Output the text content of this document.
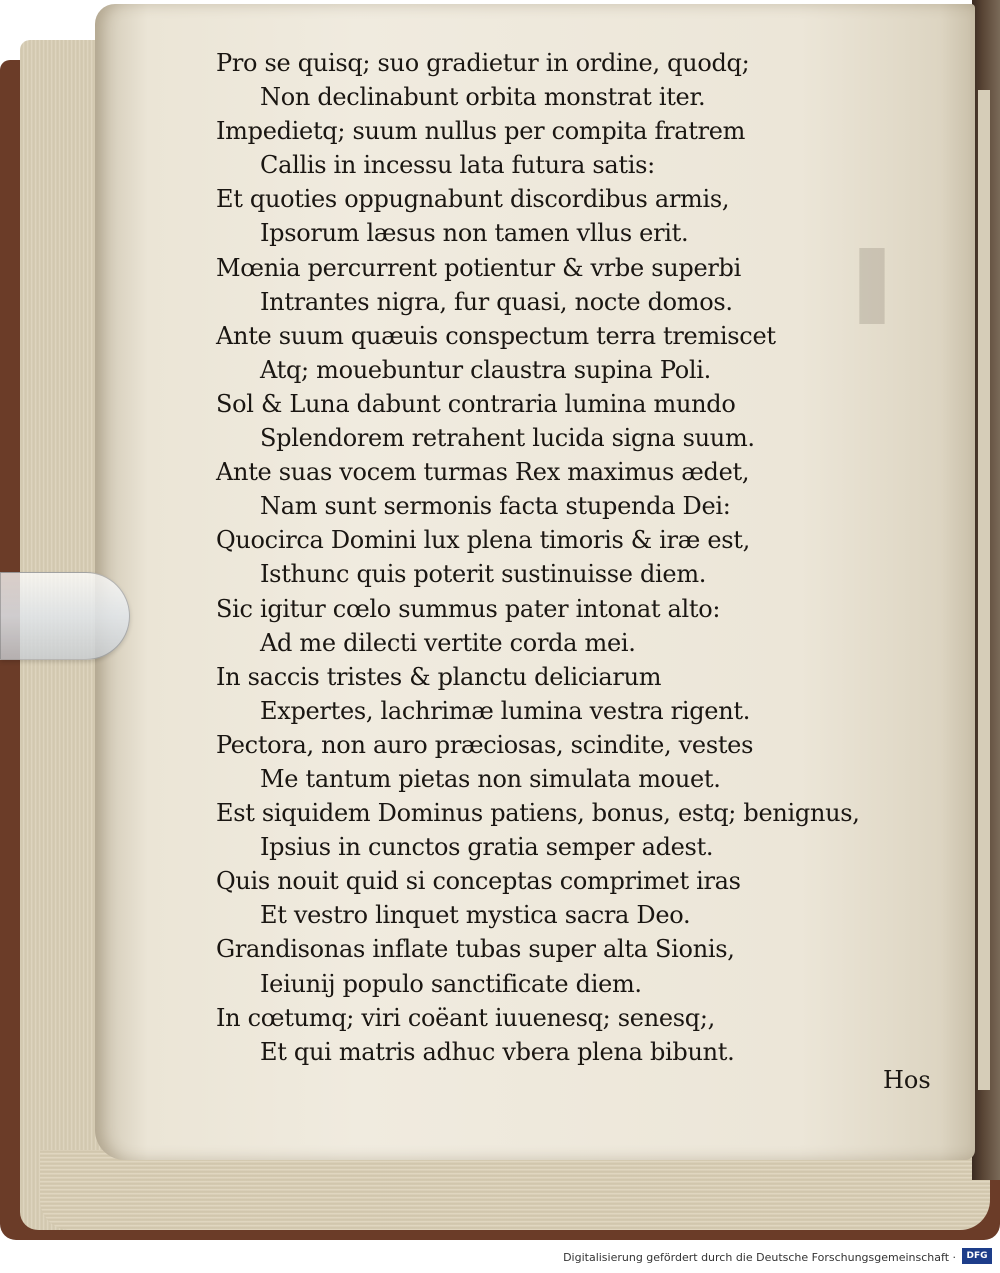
▌
Pro se quisq; suo gradietur in ordine, quodq;
Non declinabunt orbita monstrat iter.
Impedietq; suum nullus per compita fratrem
Callis in incessu lata futura satis:
Et quoties oppugnabunt discordibus armis,
Ipsorum læsus non tamen vllus erit.
Mœnia percurrent potientur & vrbe superbi
Intrantes nigra, fur quasi, nocte domos.
Ante suum quæuis conspectum terra tremiscet
Atq; mouebuntur claustra supina Poli.
Sol & Luna dabunt contraria lumina mundo
Splendorem retrahent lucida signa suum.
Ante suas vocem turmas Rex maximus ædet,
Nam sunt sermonis facta stupenda Dei:
Quocirca Domini lux plena timoris & iræ est,
Isthunc quis poterit sustinuisse diem.
Sic igitur cœlo summus pater intonat alto:
Ad me dilecti vertite corda mei.
In saccis tristes & planctu deliciarum
Expertes, lachrimæ lumina vestra rigent.
Pectora, non auro præciosas, scindite, vestes
Me tantum pietas non simulata mouet.
Est siquidem Dominus patiens, bonus, estq; benignus,
Ipsius in cunctos gratia semper adest.
Quis nouit quid si conceptas comprimet iras
Et vestro linquet mystica sacra Deo.
Grandisonas inflate tubas super alta Sionis,
Ieiunij populo sanctificate diem.
In cœtumq; viri coëant iuuenesq; senesq;,
Et qui matris adhuc vbera plena bibunt.
Hos
Digitalisierung gefördert durch die Deutsche Forschungsgemeinschaft ·	DFG
